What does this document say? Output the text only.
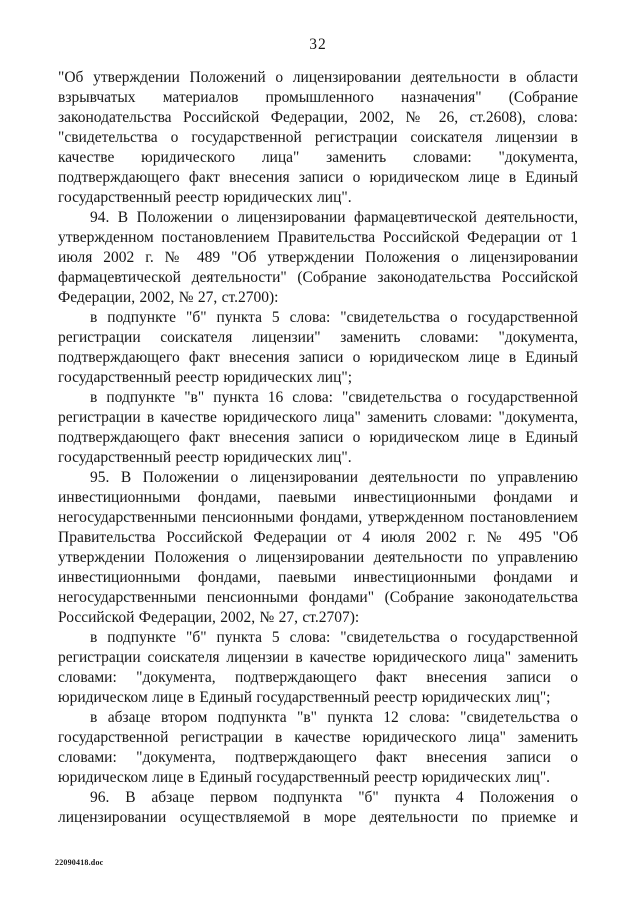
32

"Об утверждении Положений о лицензировании деятельности в области взрывчатых материалов промышленного назначения" (Собрание законодательства Российской Федерации, 2002, № 26, ст.2608), слова: "свидетельства о государственной регистрации соискателя лицензии в качестве юридического лица" заменить словами: "документа, подтверждающего факт внесения записи о юридическом лице в Единый государственный реестр юридических лиц".

94. В Положении о лицензировании фармацевтической деятельности, утвержденном постановлением Правительства Российской Федерации от 1 июля 2002 г. № 489 "Об утверждении Положения о лицензировании фармацевтической деятельности" (Собрание законодательства Российской Федерации, 2002, № 27, ст.2700):

в подпункте "б" пункта 5 слова: "свидетельства о государственной регистрации соискателя лицензии" заменить словами: "документа, подтверждающего факт внесения записи о юридическом лице в Единый государственный реестр юридических лиц";

в подпункте "в" пункта 16 слова: "свидетельства о государственной регистрации в качестве юридического лица" заменить словами: "документа, подтверждающего факт внесения записи о юридическом лице в Единый государственный реестр юридических лиц".

95. В Положении о лицензировании деятельности по управлению инвестиционными фондами, паевыми инвестиционными фондами и негосударственными пенсионными фондами, утвержденном постановлением Правительства Российской Федерации от 4 июля 2002 г. № 495 "Об утверждении Положения о лицензировании деятельности по управлению инвестиционными фондами, паевыми инвестиционными фондами и негосударственными пенсионными фондами" (Собрание законодательства Российской Федерации, 2002, № 27, ст.2707):

в подпункте "б" пункта 5 слова: "свидетельства о государственной регистрации соискателя лицензии в качестве юридического лица" заменить словами: "документа, подтверждающего факт внесения записи о юридическом лице в Единый государственный реестр юридических лиц";

в абзаце втором подпункта "в" пункта 12 слова: "свидетельства о государственной регистрации в качестве юридического лица" заменить словами: "документа, подтверждающего факт внесения записи о юридическом лице в Единый государственный реестр юридических лиц".

96. В абзаце первом подпункта "б" пункта 4 Положения о лицензировании осуществляемой в море деятельности по приемке и

22090418.doc
